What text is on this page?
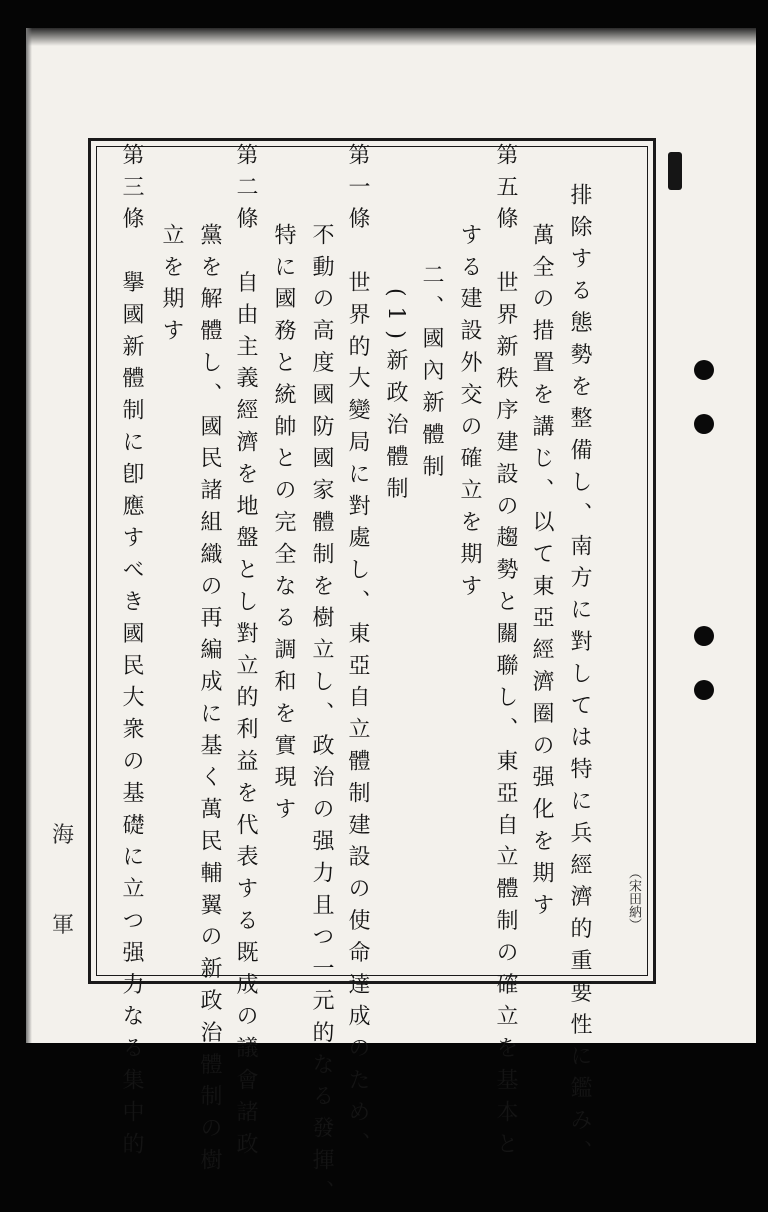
排除する態勢を整備し、南方に對しては特に兵經濟的重要性に鑑み、
萬全の措置を講じ、以て東亞經濟圈の强化を期す
第五條　世界新秩序建設の趨勢と關聯し、東亞自立體制の確立を基本と
する建設外交の確立を期す
二、國內新體制
(1)新政治體制
第一條　世界的大變局に對處し、東亞自立體制建設の使命達成のため、
不動の高度國防國家體制を樹立し、政治の强力且つ一元的なる發揮、
特に國務と統帥との完全なる調和を實現す
第二條　自由主義經濟を地盤とし對立的利益を代表する既成の議會諸政
黨を解體し、國民諸組織の再編成に基く萬民輔翼の新政治體制の樹
立を期す
第三條　擧國新體制に卽應すべき國民大衆の基礎に立つ强力なる集中的
海
軍	（宋田納）
